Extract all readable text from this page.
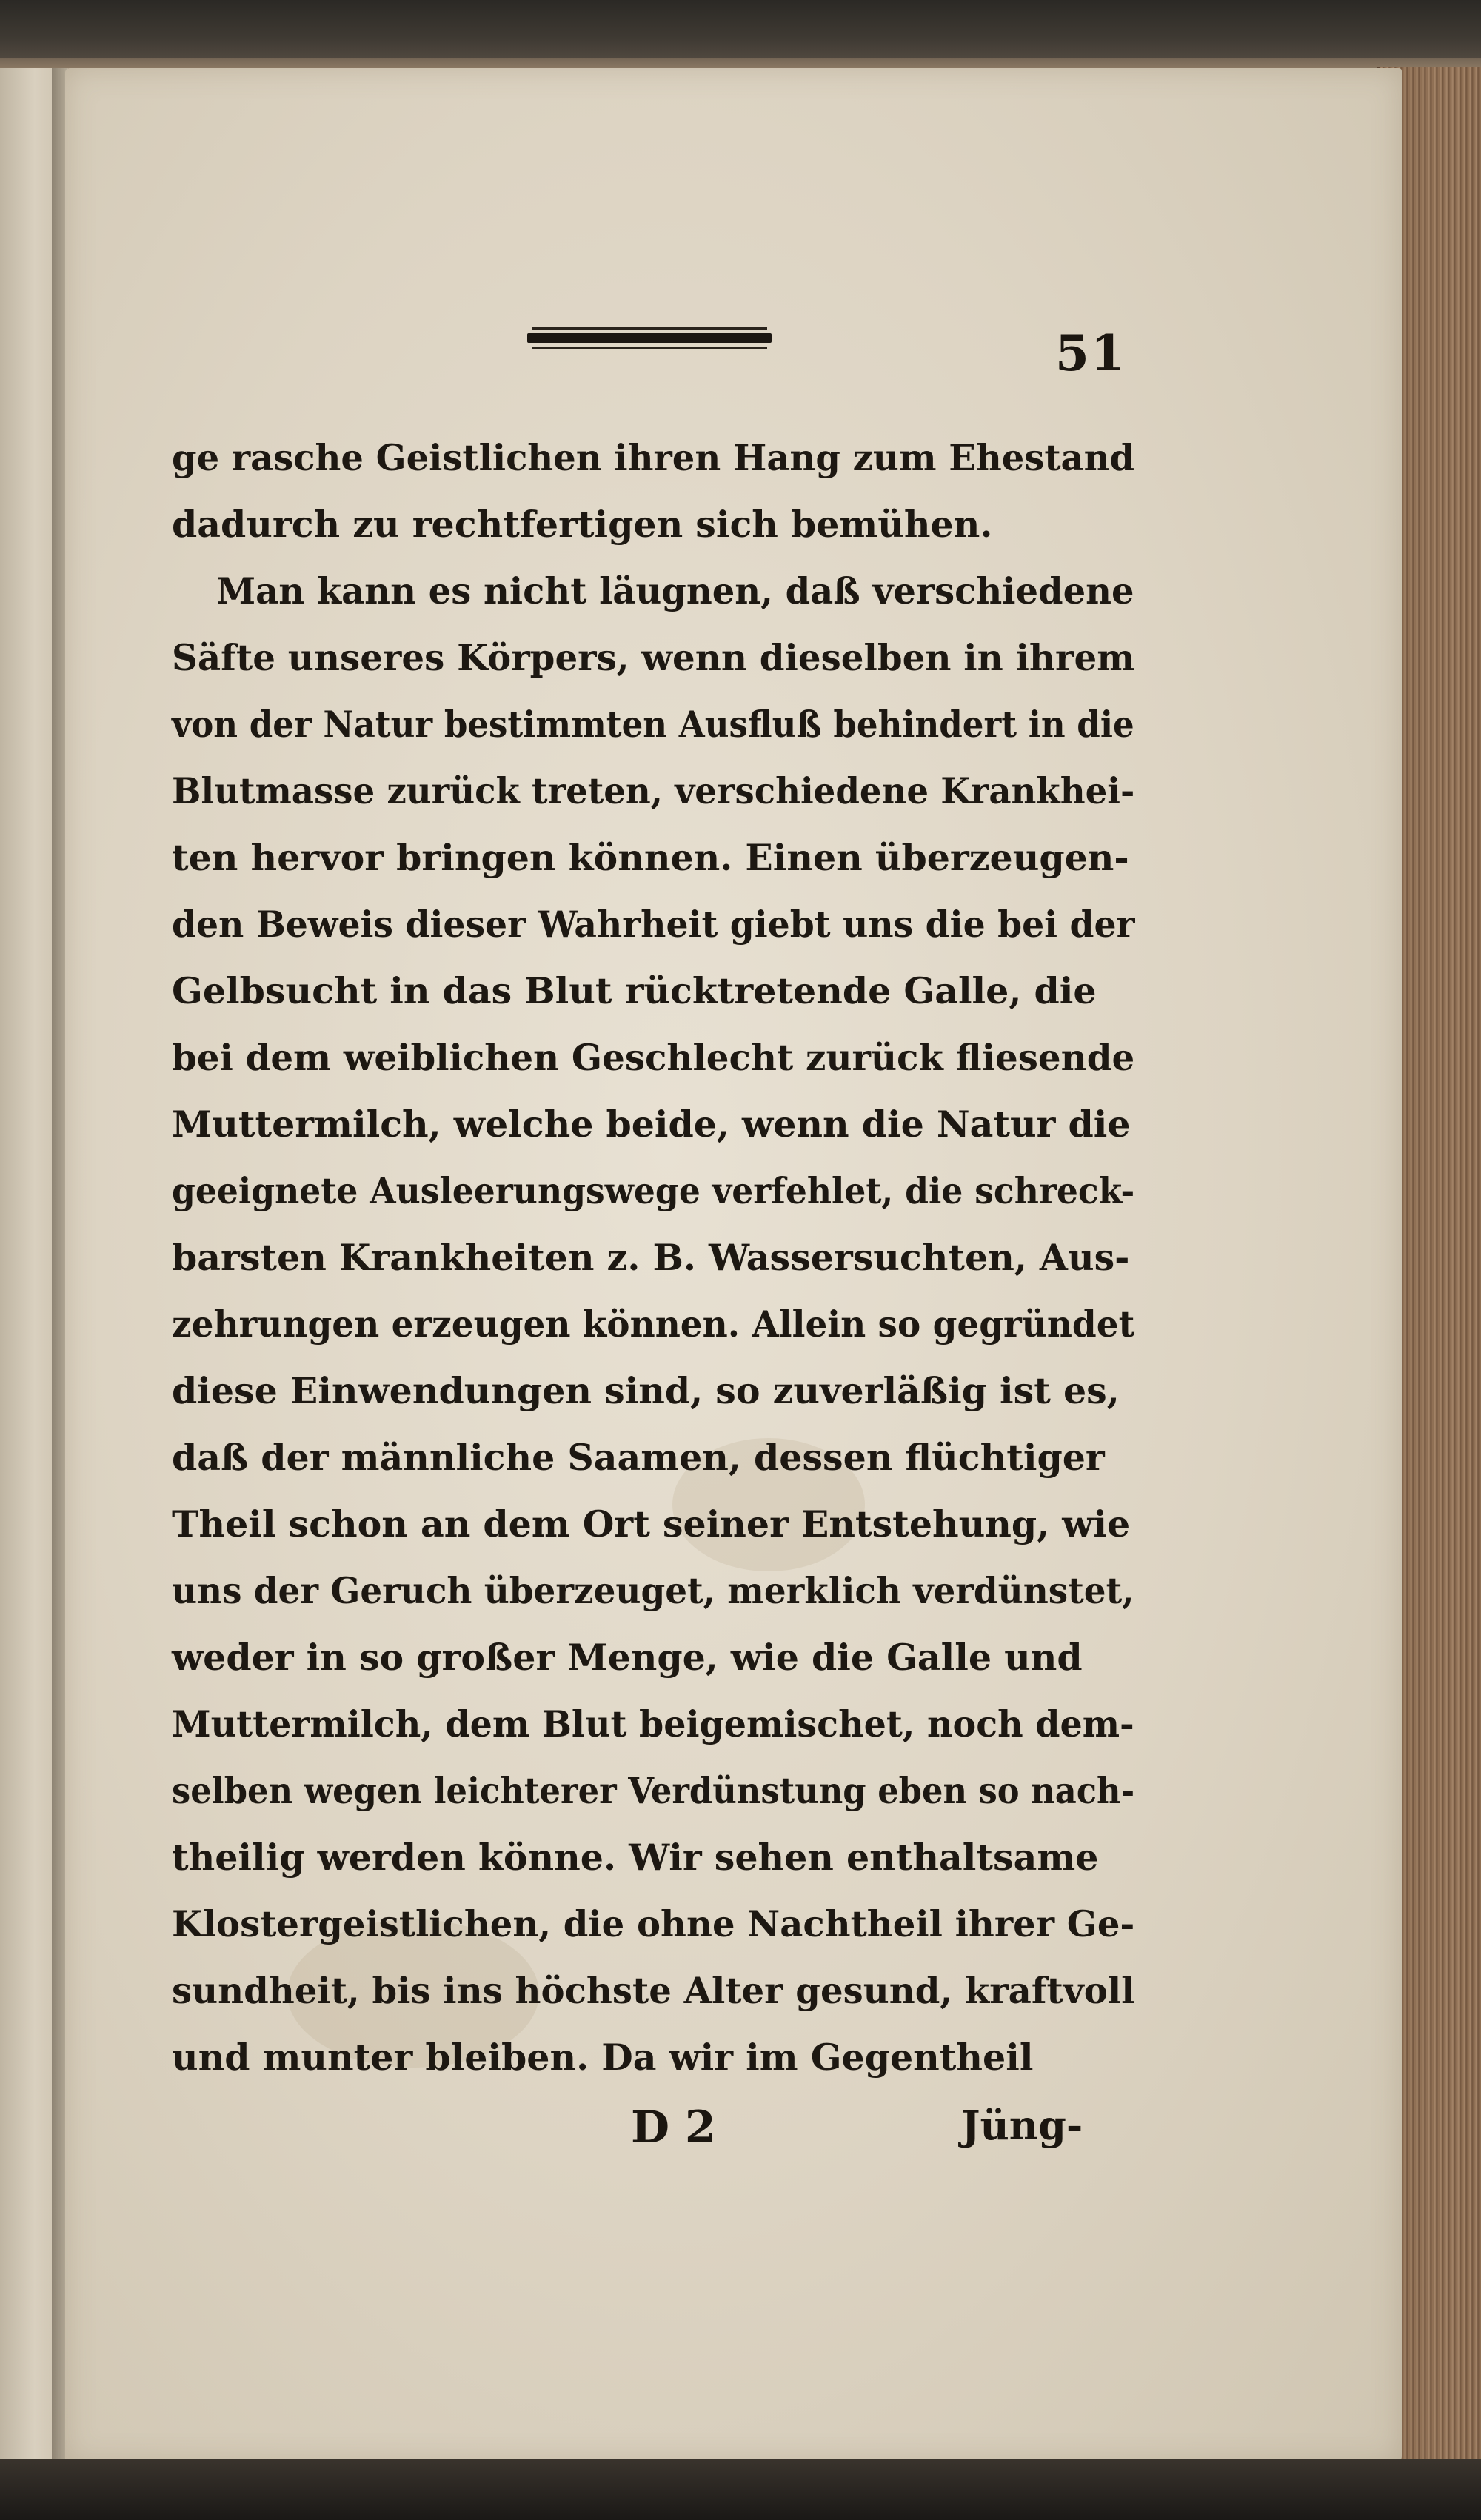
51
ge rasche Geistlichen ihren Hang zum Ehestand
dadurch zu rechtfertigen sich bemühen.
Man kann es nicht läugnen, daß verschiedene
Säfte unseres Körpers, wenn dieselben in ihrem
von der Natur bestimmten Ausfluß behindert in die
Blutmasse zurück treten, verschiedene Krankhei-
ten hervor bringen können. Einen überzeugen-
den Beweis dieser Wahrheit giebt uns die bei der
Gelbsucht in das Blut rücktretende Galle, die
bei dem weiblichen Geschlecht zurück fliesende
Muttermilch, welche beide, wenn die Natur die
geeignete Ausleerungswege verfehlet, die schreck-
barsten Krankheiten z. B. Wassersuchten, Aus-
zehrungen erzeugen können. Allein so gegründet
diese Einwendungen sind, so zuverläßig ist es,
daß der männliche Saamen, dessen flüchtiger
Theil schon an dem Ort seiner Entstehung, wie
uns der Geruch überzeuget, merklich verdünstet,
weder in so großer Menge, wie die Galle und
Muttermilch, dem Blut beigemischet, noch dem-
selben wegen leichterer Verdünstung eben so nach-
theilig werden könne. Wir sehen enthaltsame
Klostergeistlichen, die ohne Nachtheil ihrer Ge-
sundheit, bis ins höchste Alter gesund, kraftvoll
und munter bleiben. Da wir im Gegentheil
D 2	Jüng-
